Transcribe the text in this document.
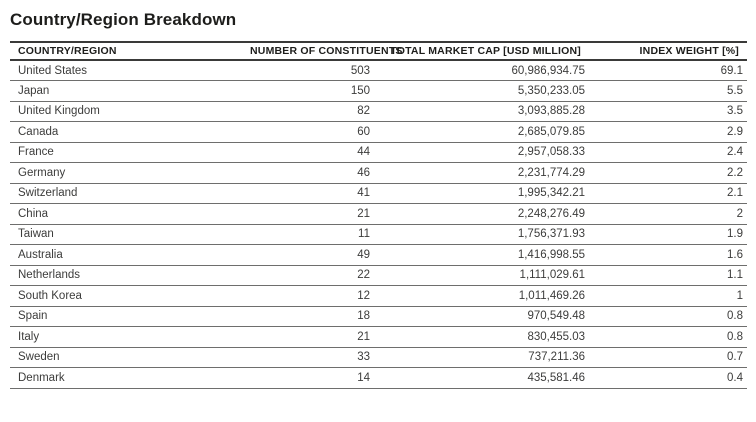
Country/Region Breakdown
COUNTRY/REGION	NUMBER OF CONSTITUENTS	TOTAL MARKET CAP [USD MILLION]	INDEX WEIGHT [%]
United States	503	60,986,934.75	69.1
Japan	150	5,350,233.05	5.5
United Kingdom	82	3,093,885.28	3.5
Canada	60	2,685,079.85	2.9
France	44	2,957,058.33	2.4
Germany	46	2,231,774.29	2.2
Switzerland	41	1,995,342.21	2.1
China	21	2,248,276.49	2
Taiwan	11	1,756,371.93	1.9
Australia	49	1,416,998.55	1.6
Netherlands	22	1,111,029.61	1.1
South Korea	12	1,011,469.26	1
Spain	18	970,549.48	0.8
Italy	21	830,455.03	0.8
Sweden	33	737,211.36	0.7
Denmark	14	435,581.46	0.4
